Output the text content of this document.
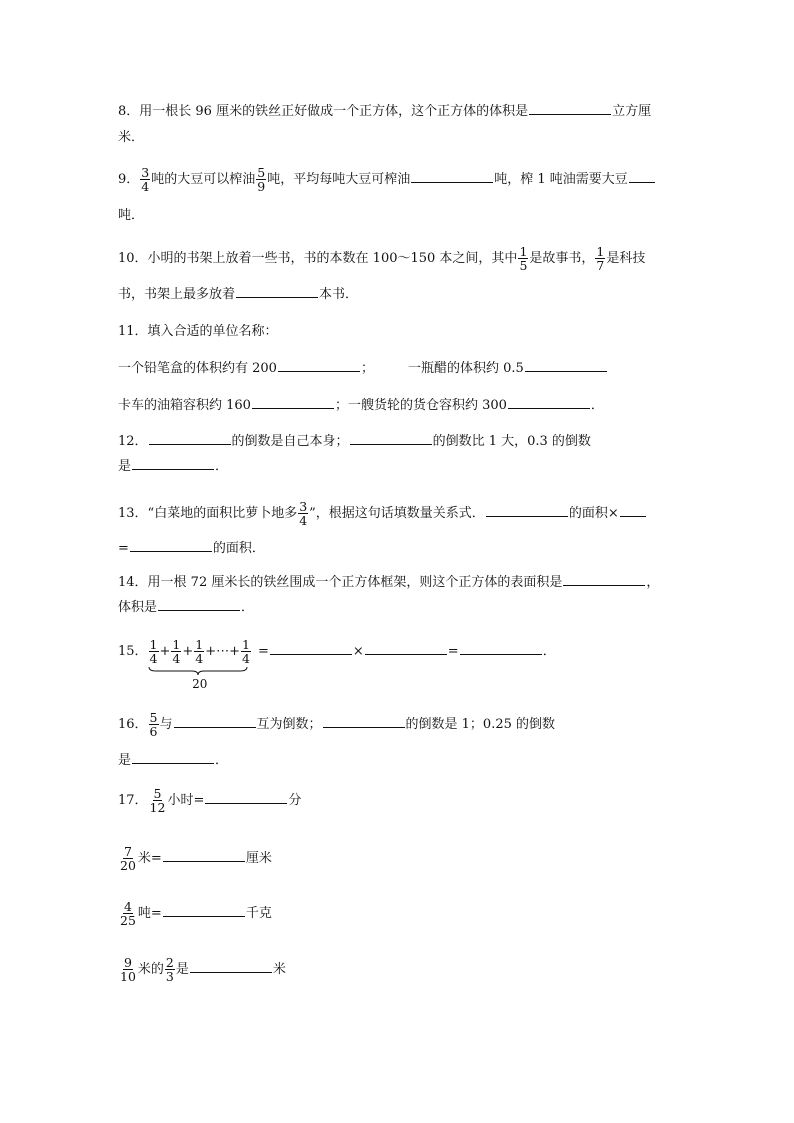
8．用一根长 96 厘米的铁丝正好做成一个正方体，这个正方体的体积是	立方厘
米．
9． $\frac{3}{4}$ 吨的大豆可以榨油 $\frac{5}{9}$ 吨，平均每吨大豆可榨油	吨，榨 1 吨油需要大豆
吨．
10．小明的书架上放着一些书，书的本数在 100～150 本之间，其中 $\frac{1}{5}$ 是故事书， $\frac{1}{7}$ 是科技
书，书架上最多放着	本书．
11．填入合适的单位名称：
一个铅笔盒的体积约有 200	；	一瓶醋的体积约 0.5
卡车的油箱容积约 160	；一艘货轮的货仓容积约 300	．
12．	的倒数是自己本身；	的倒数比 1 大，0.3 的倒数
是	．
13．“白菜地的面积比萝卜地多 $\frac{3}{4}$ ”，根据这句话填数量关系式．	的面积×
=	的面积．
14．用一根 72 厘米长的铁丝围成一个正方体框架，则这个正方体的表面积是	，
体积是	．
15． $\frac{1}{4} + \frac{1}{4} + \frac{1}{4}$ +⋯+ $\frac{1}{4}$
20
=	×	=	．
16． $\frac{5}{6}$ 与	互为倒数；	的倒数是 1；0.25 的倒数
是	．
17． $\frac{5}{12}$ 小时=	分
$\frac{7}{20}$ 米=	厘米
$\frac{4}{25}$ 吨=	千克
$\frac{9}{10}$ 米的 $\frac{2}{3}$ 是	米
